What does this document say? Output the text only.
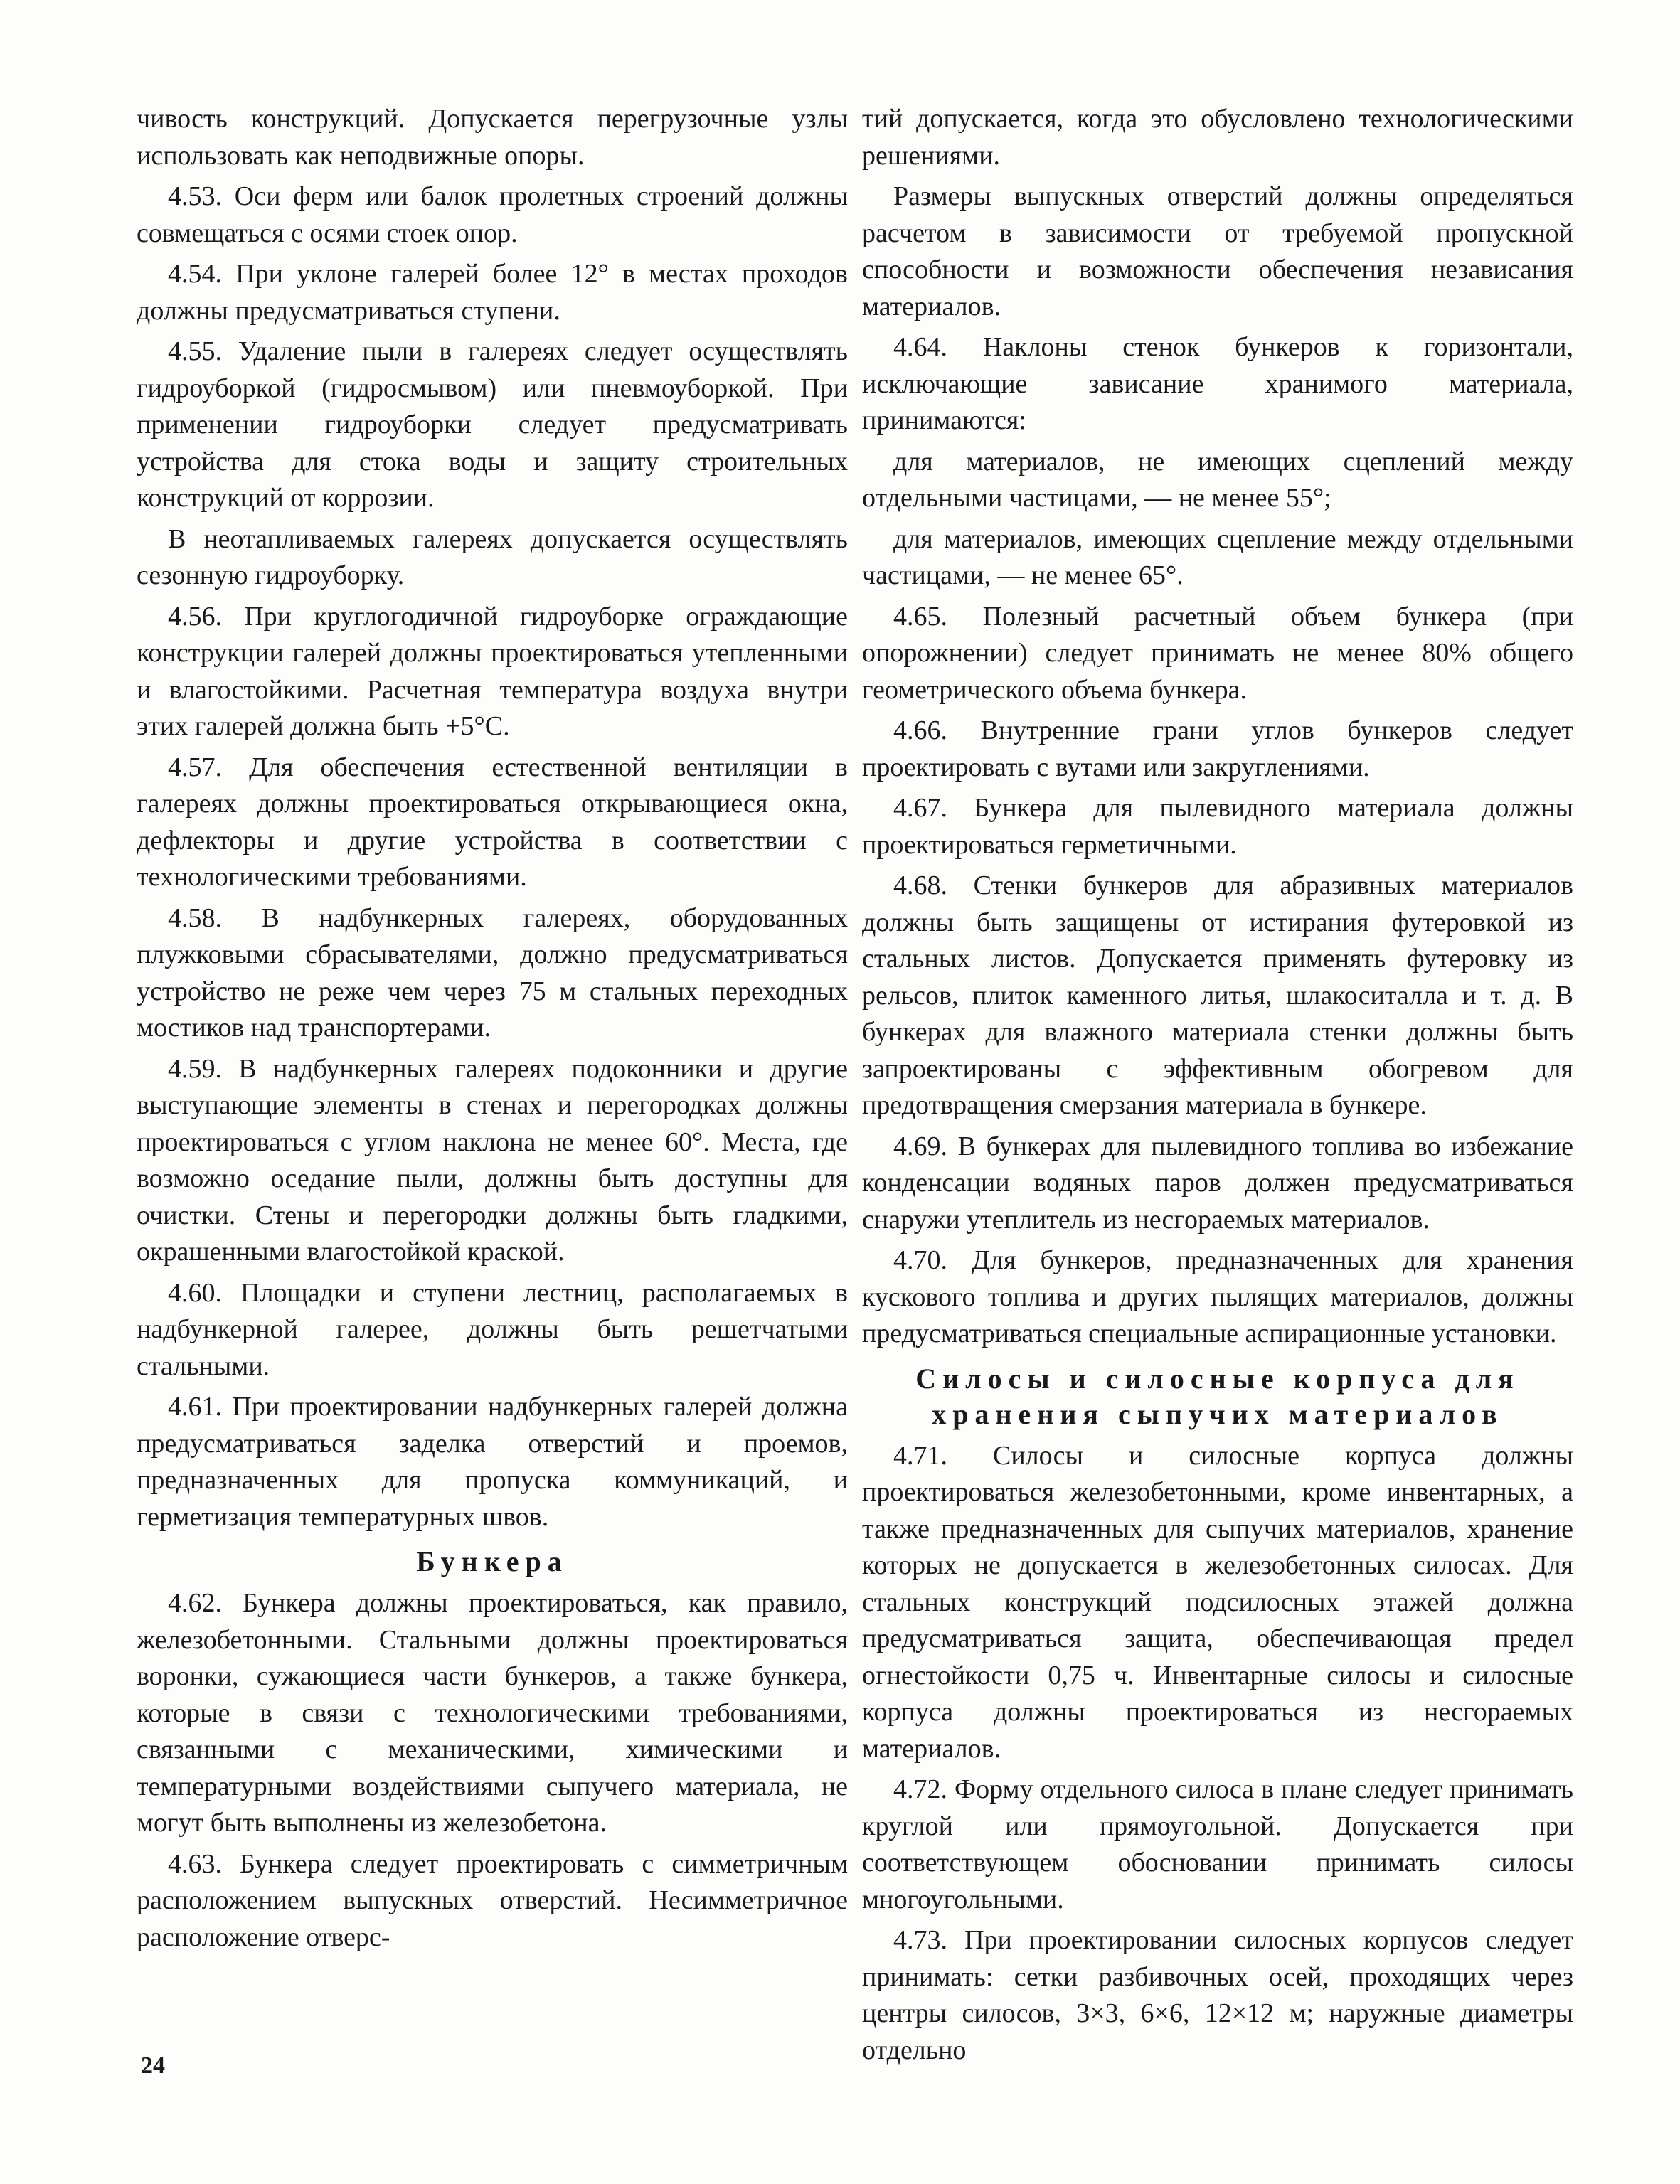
чивость конструкций. Допускается перегрузочные узлы использовать как неподвижные опоры.

4.53. Оси ферм или балок пролетных строений должны совмещаться с осями стоек опор.

4.54. При уклоне галерей более 12° в местах проходов должны предусматриваться ступени.

4.55. Удаление пыли в галереях следует осуществлять гидроуборкой (гидросмывом) или пневмоуборкой. При применении гидроуборки следует предусматривать устройства для стока воды и защиту строительных конструкций от коррозии.

В неотапливаемых галереях допускается осуществлять сезонную гидроуборку.

4.56. При круглогодичной гидроуборке ограждающие конструкции галерей должны проектироваться утепленными и влагостойкими. Расчетная температура воздуха внутри этих галерей должна быть +5°С.

4.57. Для обеспечения естественной вентиляции в галереях должны проектироваться открывающиеся окна, дефлекторы и другие устройства в соответствии с технологическими требованиями.

4.58. В надбункерных галереях, оборудованных плужковыми сбрасывателями, должно предусматриваться устройство не реже чем через 75 м стальных переходных мостиков над транспортерами.

4.59. В надбункерных галереях подоконники и другие выступающие элементы в стенах и перегородках должны проектироваться с углом наклона не менее 60°. Места, где возможно оседание пыли, должны быть доступны для очистки. Стены и перегородки должны быть гладкими, окрашенными влагостойкой краской.

4.60. Площадки и ступени лестниц, располагаемых в надбункерной галерее, должны быть решетчатыми стальными.

4.61. При проектировании надбункерных галерей должна предусматриваться заделка отверстий и проемов, предназначенных для пропуска коммуникаций, и герметизация температурных швов.

Бункера

4.62. Бункера должны проектироваться, как правило, железобетонными. Стальными должны проектироваться воронки, сужающиеся части бункеров, а также бункера, которые в связи с технологическими требованиями, связанными с механическими, химическими и температурными воздействиями сыпучего материала, не могут быть выполнены из железобетона.

4.63. Бункера следует проектировать с симметричным расположением выпускных отверстий. Несимметричное расположение отверс-

тий допускается, когда это обусловлено технологическими решениями.

Размеры выпускных отверстий должны определяться расчетом в зависимости от требуемой пропускной способности и возможности обеспечения независания материалов.

4.64. Наклоны стенок бункеров к горизонтали, исключающие зависание хранимого материала, принимаются:

для материалов, не имеющих сцеплений между отдельными частицами, — не менее 55°;

для материалов, имеющих сцепление между отдельными частицами, — не менее 65°.

4.65. Полезный расчетный объем бункера (при опорожнении) следует принимать не менее 80% общего геометрического объема бункера.

4.66. Внутренние грани углов бункеров следует проектировать с вутами или закруглениями.

4.67. Бункера для пылевидного материала должны проектироваться герметичными.

4.68. Стенки бункеров для абразивных материалов должны быть защищены от истирания футеровкой из стальных листов. Допускается применять футеровку из рельсов, плиток каменного литья, шлакоситалла и т. д. В бункерах для влажного материала стенки должны быть запроектированы с эффективным обогревом для предотвращения смерзания материала в бункере.

4.69. В бункерах для пылевидного топлива во избежание конденсации водяных паров должен предусматриваться снаружи утеплитель из несгораемых материалов.

4.70. Для бункеров, предназначенных для хранения кускового топлива и других пылящих материалов, должны предусматриваться специальные аспирационные установки.

Силосы и силосные корпуса для хранения сыпучих материалов

4.71. Силосы и силосные корпуса должны проектироваться железобетонными, кроме инвентарных, а также предназначенных для сыпучих материалов, хранение которых не допускается в железобетонных силосах. Для стальных конструкций подсилосных этажей должна предусматриваться защита, обеспечивающая предел огнестойкости 0,75 ч. Инвентарные силосы и силосные корпуса должны проектироваться из несгораемых материалов.

4.72. Форму отдельного силоса в плане следует принимать круглой или прямоугольной. Допускается при соответствующем обосновании принимать силосы многоугольными.

4.73. При проектировании силосных корпусов следует принимать: сетки разбивочных осей, проходящих через центры силосов, 3×3, 6×6, 12×12 м; наружные диаметры отдельно

24
